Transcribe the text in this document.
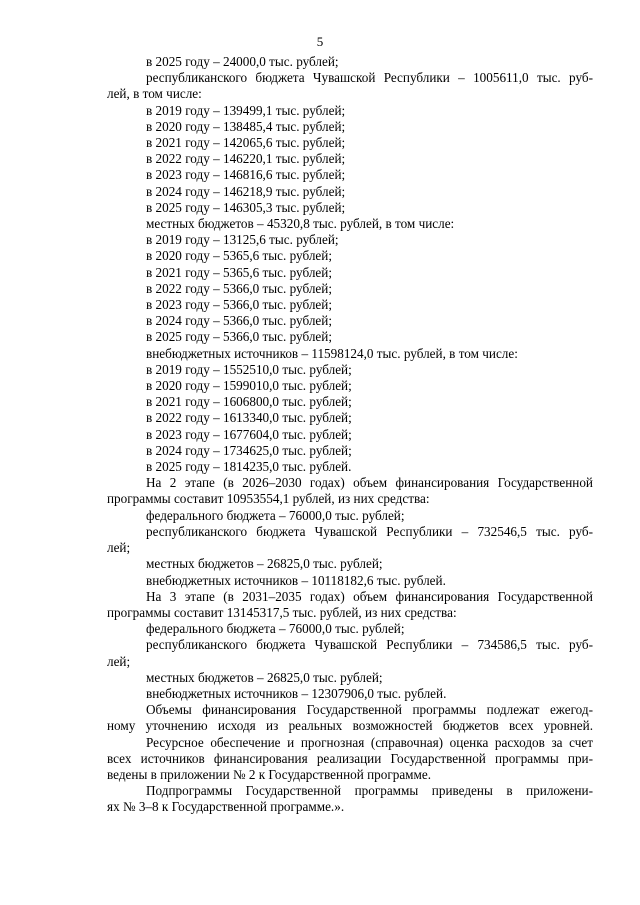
5
в 2025 году – 24000,0 тыс. рублей;
республиканского бюджета Чувашской Республики – 1005611,0 тыс. руб-
лей, в том числе:
в 2019 году – 139499,1 тыс. рублей;
в 2020 году – 138485,4 тыс. рублей;
в 2021 году – 142065,6 тыс. рублей;
в 2022 году – 146220,1 тыс. рублей;
в 2023 году – 146816,6 тыс. рублей;
в 2024 году – 146218,9 тыс. рублей;
в 2025 году – 146305,3 тыс. рублей;
местных бюджетов – 45320,8 тыс. рублей, в том числе:
в 2019 году – 13125,6 тыс. рублей;
в 2020 году – 5365,6 тыс. рублей;
в 2021 году – 5365,6 тыс. рублей;
в 2022 году – 5366,0 тыс. рублей;
в 2023 году – 5366,0 тыс. рублей;
в 2024 году – 5366,0 тыс. рублей;
в 2025 году – 5366,0 тыс. рублей;
внебюджетных источников – 11598124,0 тыс. рублей, в том числе:
в 2019 году – 1552510,0 тыс. рублей;
в 2020 году – 1599010,0 тыс. рублей;
в 2021 году – 1606800,0 тыс. рублей;
в 2022 году – 1613340,0 тыс. рублей;
в 2023 году – 1677604,0 тыс. рублей;
в 2024 году – 1734625,0 тыс. рублей;
в 2025 году – 1814235,0 тыс. рублей.
На 2 этапе (в 2026–2030 годах) объем финансирования Государственной
программы составит 10953554,1 рублей, из них средства:
федерального бюджета – 76000,0 тыс. рублей;
республиканского бюджета Чувашской Республики – 732546,5 тыс. руб-
лей;
местных бюджетов – 26825,0 тыс. рублей;
внебюджетных источников – 10118182,6 тыс. рублей.
На 3 этапе (в 2031–2035 годах) объем финансирования Государственной
программы составит 13145317,5 тыс. рублей, из них средства:
федерального бюджета – 76000,0 тыс. рублей;
республиканского бюджета Чувашской Республики – 734586,5 тыс. руб-
лей;
местных бюджетов – 26825,0 тыс. рублей;
внебюджетных источников – 12307906,0 тыс. рублей.
Объемы финансирования Государственной программы подлежат ежегод-
ному уточнению исходя из реальных возможностей бюджетов всех уровней.
Ресурсное обеспечение и прогнозная (справочная) оценка расходов за счет
всех источников финансирования реализации Государственной программы при-
ведены в приложении № 2 к Государственной программе.
Подпрограммы Государственной программы приведены в приложени-
ях № 3–8 к Государственной программе.».
